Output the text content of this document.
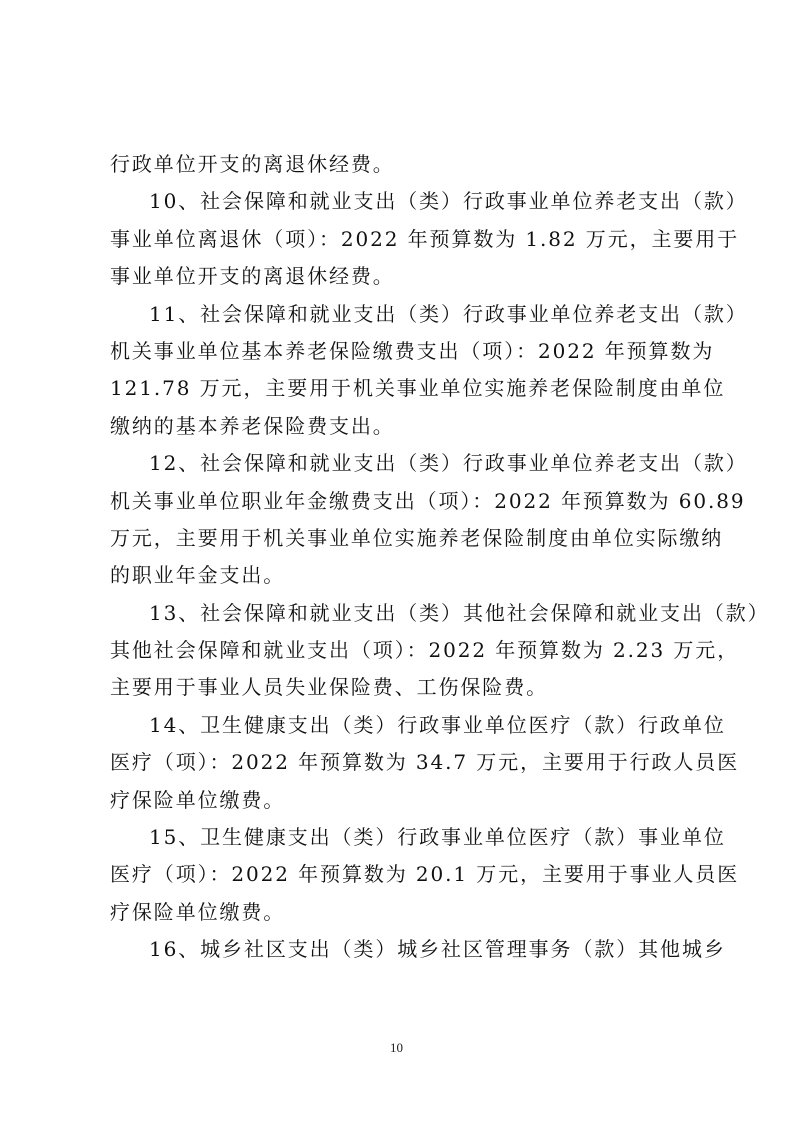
行政单位开支的离退休经费。
10、社会保障和就业支出（类）行政事业单位养老支出（款）
事业单位离退休（项）：2022 年预算数为 1.82 万元，主要用于
事业单位开支的离退休经费。
11、社会保障和就业支出（类）行政事业单位养老支出（款）
机关事业单位基本养老保险缴费支出（项）：2022 年预算数为
121.78 万元，主要用于机关事业单位实施养老保险制度由单位
缴纳的基本养老保险费支出。
12、社会保障和就业支出（类）行政事业单位养老支出（款）
机关事业单位职业年金缴费支出（项）：2022 年预算数为 60.89
万元，主要用于机关事业单位实施养老保险制度由单位实际缴纳
的职业年金支出。
13、社会保障和就业支出（类）其他社会保障和就业支出（款）
其他社会保障和就业支出（项）：2022 年预算数为 2.23 万元，
主要用于事业人员失业保险费、工伤保险费。
14、卫生健康支出（类）行政事业单位医疗（款）行政单位
医疗（项）：2022 年预算数为 34.7 万元，主要用于行政人员医
疗保险单位缴费。
15、卫生健康支出（类）行政事业单位医疗（款）事业单位
医疗（项）：2022 年预算数为 20.1 万元，主要用于事业人员医
疗保险单位缴费。
16、城乡社区支出（类）城乡社区管理事务（款）其他城乡
10
